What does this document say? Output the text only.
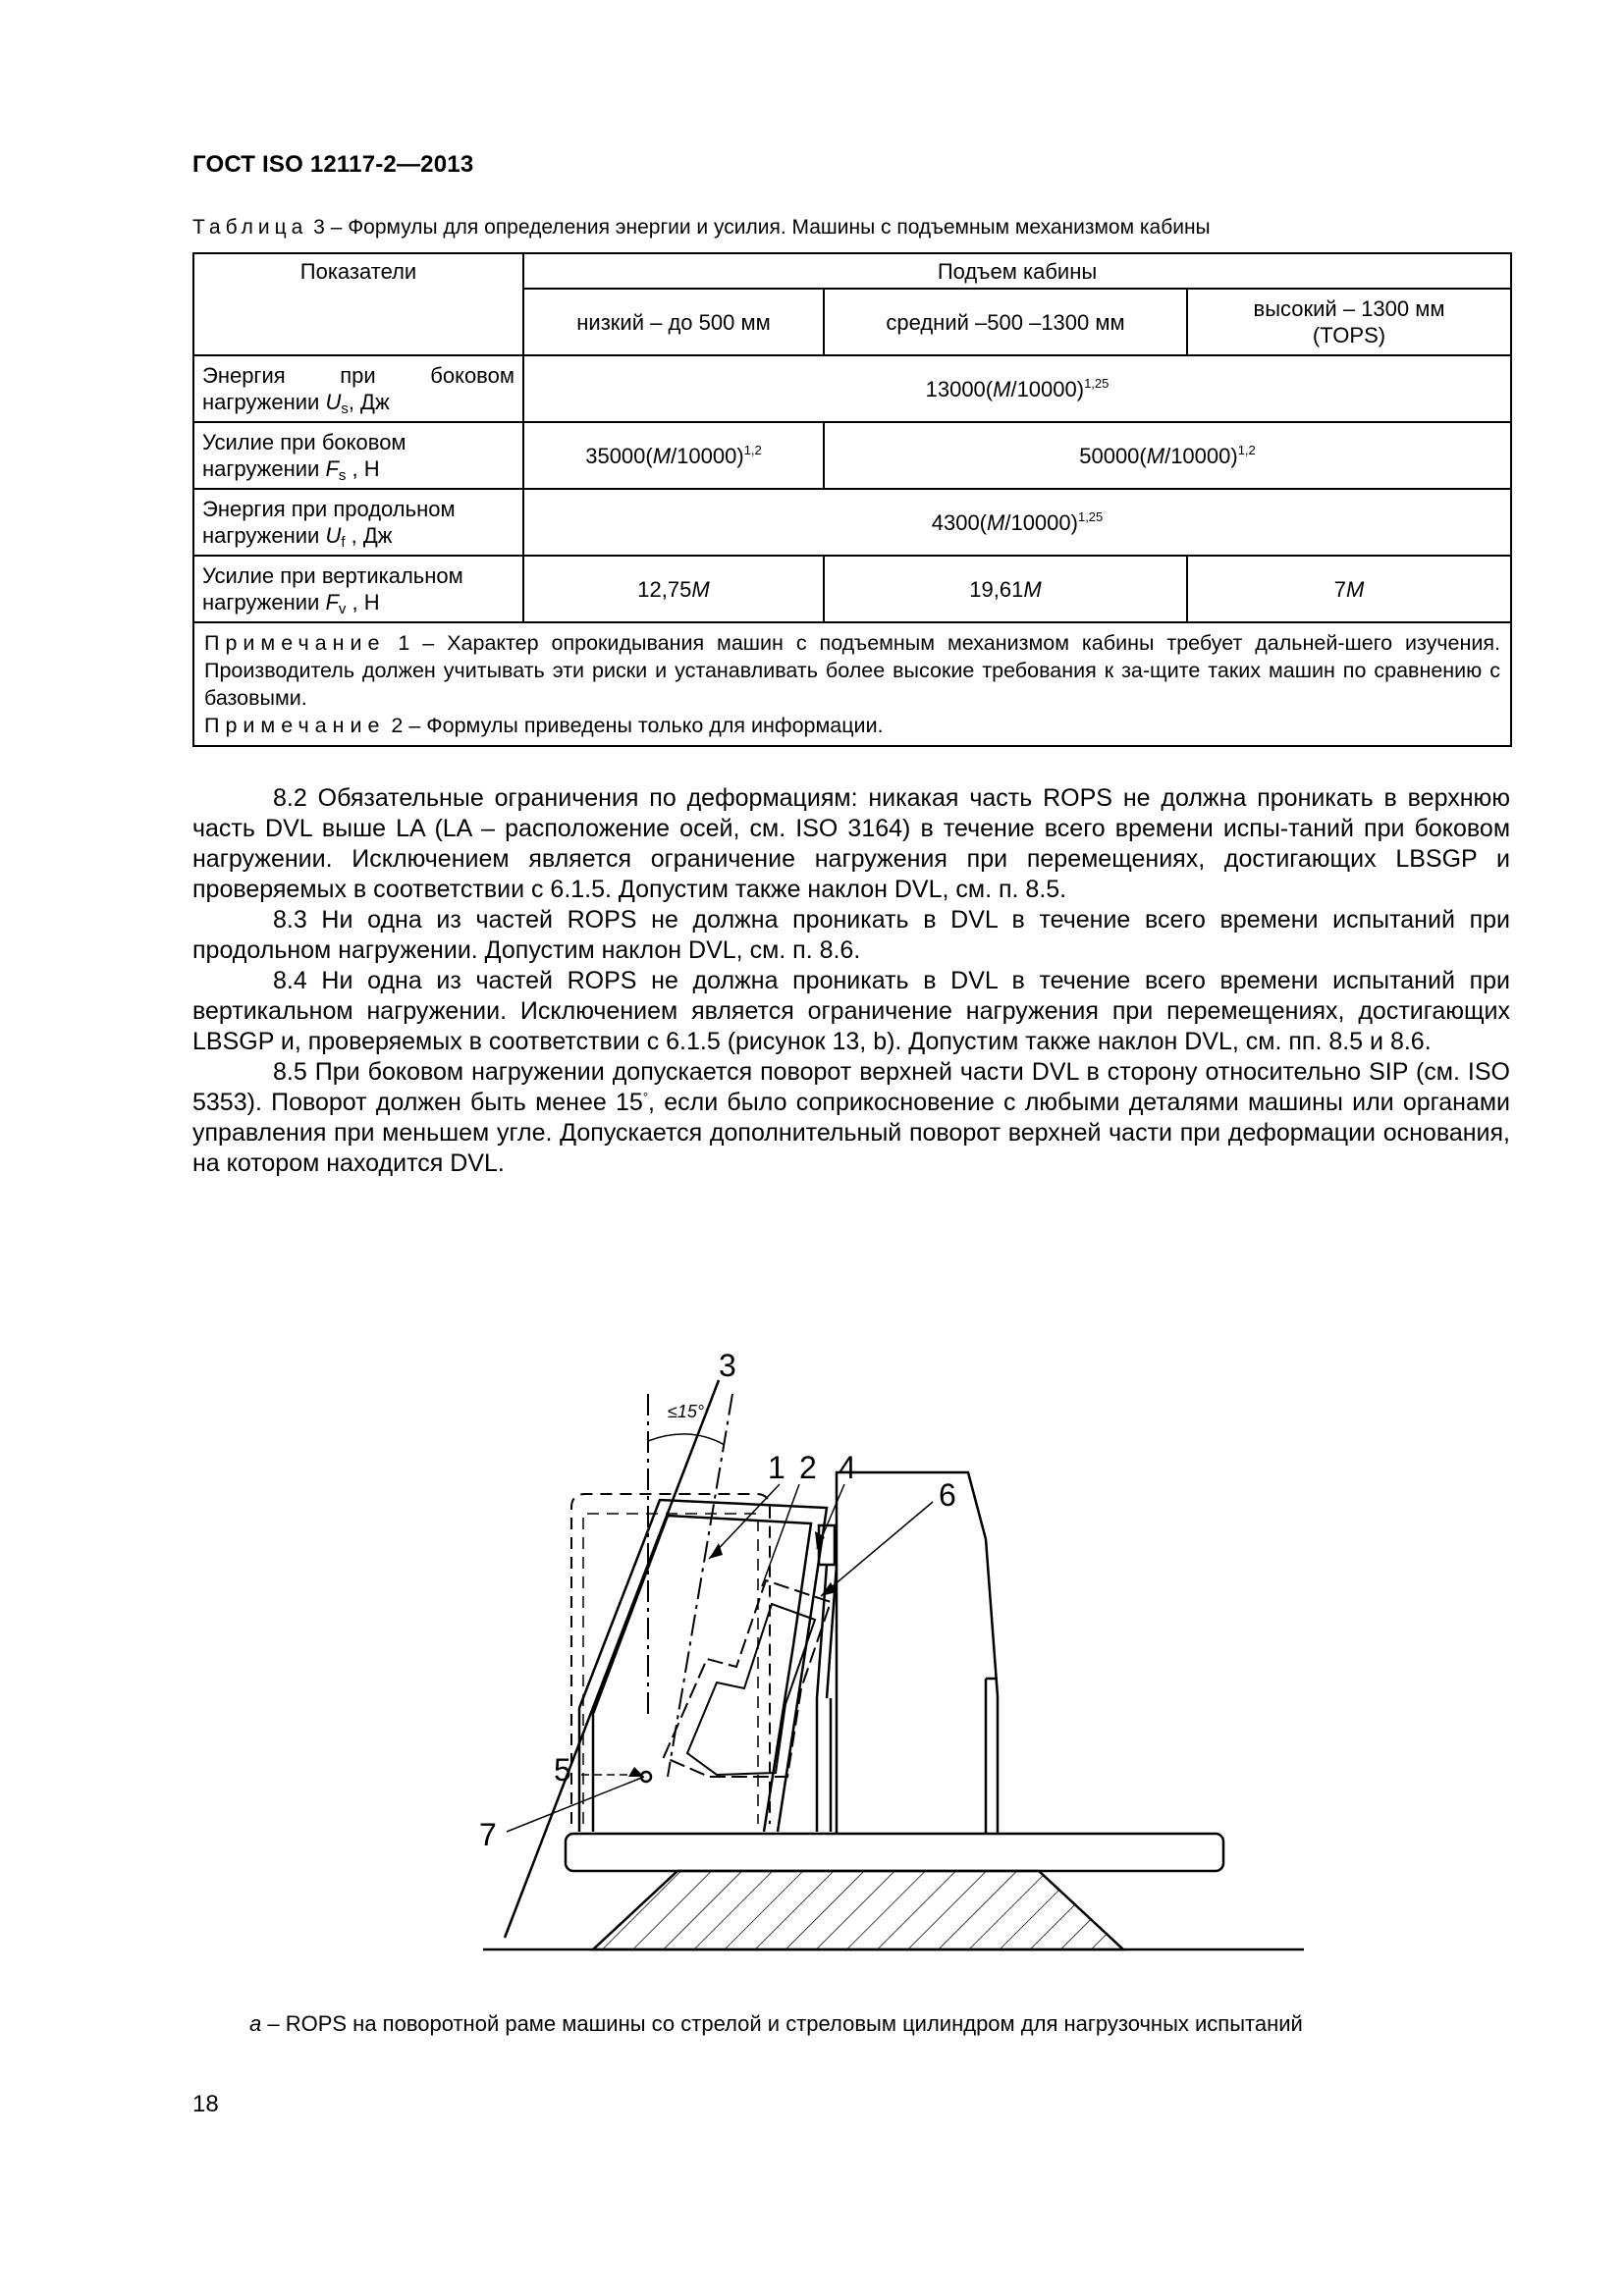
ГОСТ ISO 12117-2—2013
Таблица 3 – Формулы для определения энергии и усилия. Машины с подъемным механизмом кабины
Показатели	Подъем кабины		
	низкий – до 500 мм	средний –500 –1300 мм	высокий – 1300 мм
(TOPS)

Энергия при боковом
нагружении $U_s$, Дж	$13000(M/10000)^{1,25}$
Усилие при боковом
нагружении $F_s$ , Н	$35000(M/10000)^{1,2}$	$50000(M/10000)^{1,2}$
Энергия при продольном
нагружении $U_f$ , Дж	$4300(M/10000)^{1,25}$
Усилие при вертикальном
нагружении $F_v$ , Н	12,75M	19,61M	7M
Примечание 1 – Характер опрокидывания машин с подъемным механизмом кабины требует дальней-шего изучения. Производитель должен учитывать эти риски и устанавливать более высокие требования к за-щите таких машин по сравнению с базовыми.
Примечание 2 – Формулы приведены только для информации.			

8.2 Обязательные ограничения по деформациям: никакая часть ROPS не должна проникать в верхнюю часть DVL выше LA (LA – расположение осей, см. ISO 3164) в течение всего времени испы-таний при боковом нагружении. Исключением является ограничение нагружения при перемещениях, достигающих LBSGP и проверяемых в соответствии с 6.1.5. Допустим также наклон DVL, см. п. 8.5.

8.3 Ни одна из частей ROPS не должна проникать в DVL в течение всего времени испытаний при продольном нагружении. Допустим наклон DVL, см. п. 8.6.

8.4 Ни одна из частей ROPS не должна проникать в DVL в течение всего времени испытаний при вертикальном нагружении. Исключением является ограничение нагружения при перемещениях, достигающих LBSGP и, проверяемых в соответствии с 6.1.5 (рисунок 13, b). Допустим также наклон DVL, см. пп. 8.5 и 8.6.

8.5 При боковом нагружении допускается поворот верхней части DVL в сторону относительно SIP (см. ISO 5353). Поворот должен быть менее 15°, если было соприкосновение с любыми деталями машины или органами управления при меньшем угле. Допускается дополнительный поворот верхней части при деформации основания, на котором находится DVL.

3
1 2 4
6
5
7
≤15°
a – ROPS на поворотной раме машины со стрелой и стреловым цилиндром для нагрузочных испытаний
18
